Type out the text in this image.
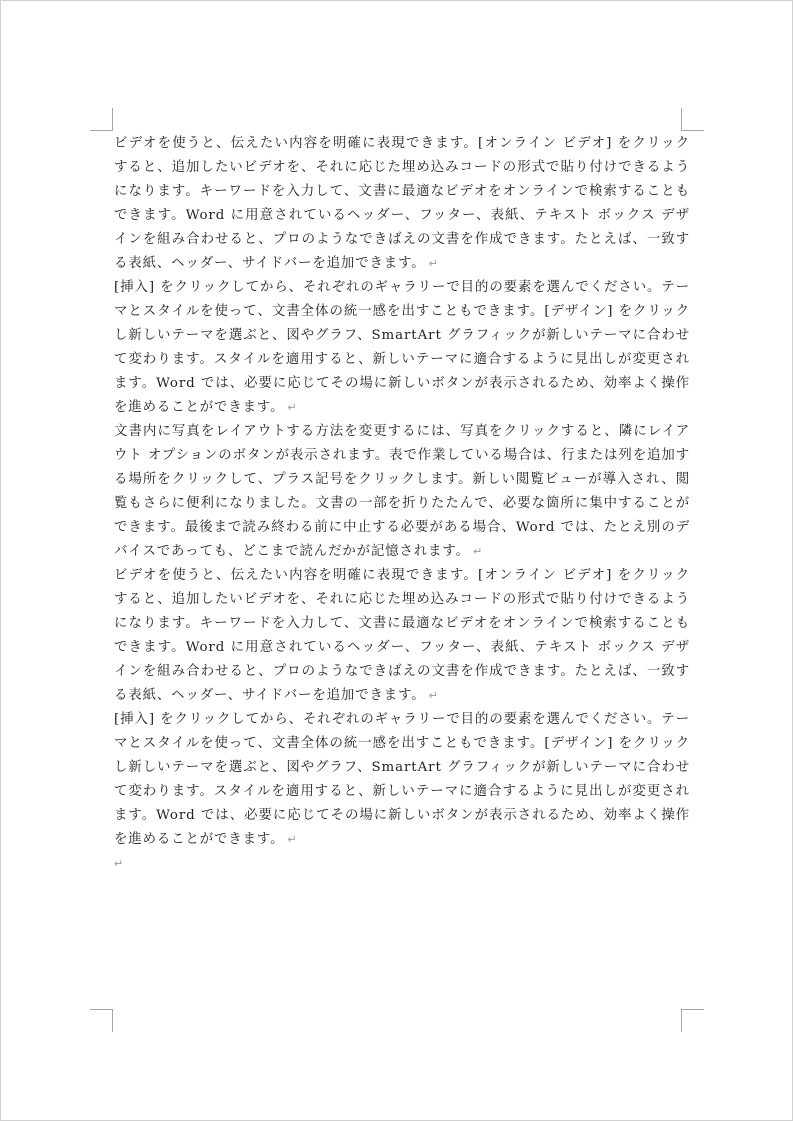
ビデオを使うと、伝えたい内容を明確に表現できます。[オンライン ビデオ] をクリックすると、追加したいビデオを、それに応じた埋め込みコードの形式で貼り付けできるようになります。キーワードを入力して、文書に最適なビデオをオンラインで検索することもできます。Word に用意されているヘッダー、フッター、表紙、テキスト ボックス デザインを組み合わせると、プロのようなできばえの文書を作成できます。たとえば、一致する表紙、ヘッダー、サイドバーを追加できます。 ↵

[挿入] をクリックしてから、それぞれのギャラリーで目的の要素を選んでください。テーマとスタイルを使って、文書全体の統一感を出すこともできます。[デザイン] をクリックし新しいテーマを選ぶと、図やグラフ、SmartArt グラフィックが新しいテーマに合わせて変わります。スタイルを適用すると、新しいテーマに適合するように見出しが変更されます。Word では、必要に応じてその場に新しいボタンが表示されるため、効率よく操作を進めることができます。 ↵

文書内に写真をレイアウトする方法を変更するには、写真をクリックすると、隣にレイアウト オプションのボタンが表示されます。表で作業している場合は、行または列を追加する場所をクリックして、プラス記号をクリックします。新しい閲覧ビューが導入され、閲覧もさらに便利になりました。文書の一部を折りたたんで、必要な箇所に集中することができます。最後まで読み終わる前に中止する必要がある場合、Word では、たとえ別のデバイスであっても、どこまで読んだかが記憶されます。 ↵

ビデオを使うと、伝えたい内容を明確に表現できます。[オンライン ビデオ] をクリックすると、追加したいビデオを、それに応じた埋め込みコードの形式で貼り付けできるようになります。キーワードを入力して、文書に最適なビデオをオンラインで検索することもできます。Word に用意されているヘッダー、フッター、表紙、テキスト ボックス デザインを組み合わせると、プロのようなできばえの文書を作成できます。たとえば、一致する表紙、ヘッダー、サイドバーを追加できます。 ↵

[挿入] をクリックしてから、それぞれのギャラリーで目的の要素を選んでください。テーマとスタイルを使って、文書全体の統一感を出すこともできます。[デザイン] をクリックし新しいテーマを選ぶと、図やグラフ、SmartArt グラフィックが新しいテーマに合わせて変わります。スタイルを適用すると、新しいテーマに適合するように見出しが変更されます。Word では、必要に応じてその場に新しいボタンが表示されるため、効率よく操作を進めることができます。 ↵

↵
